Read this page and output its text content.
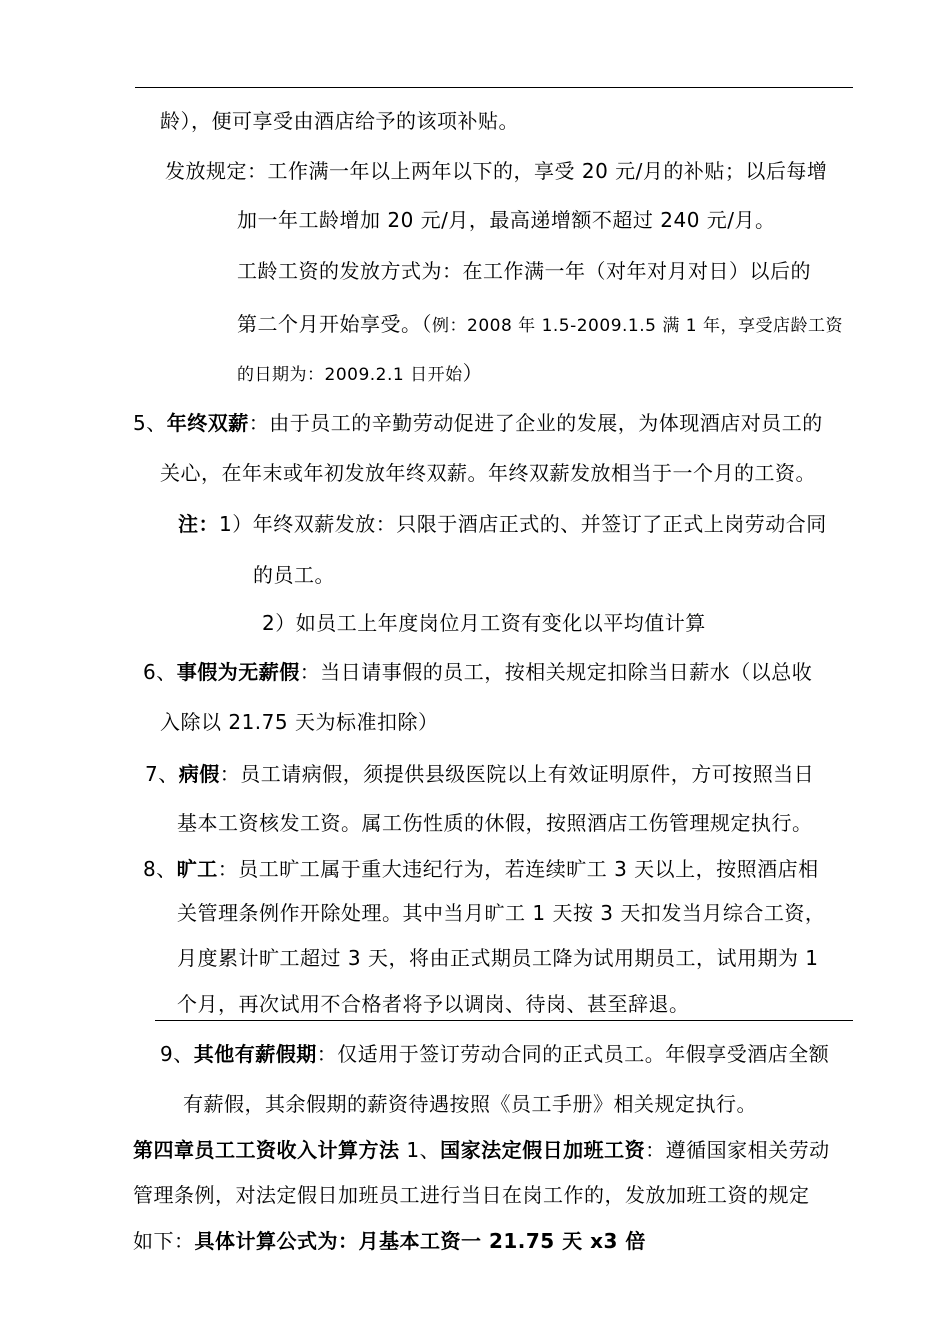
龄），便可享受由酒店给予的该项补贴。
发放规定：工作满一年以上两年以下的，享受 20 元/月的补贴；以后每增
加一年工龄增加 20 元/月，最高递增额不超过 240 元/月。
工龄工资的发放方式为：在工作满一年（对年对月对日）以后的
第二个月开始享受。（例：2008 年 1.5-2009.1.5 满 1 年，享受店龄工资
的日期为：2009.2.1 日开始）
5、年终双薪：由于员工的辛勤劳动促进了企业的发展，为体现酒店对员工的
关心，在年末或年初发放年终双薪。年终双薪发放相当于一个月的工资。
注：1）年终双薪发放：只限于酒店正式的、并签订了正式上岗劳动合同
的员工。
2）如员工上年度岗位月工资有变化以平均值计算
6、事假为无薪假：当日请事假的员工，按相关规定扣除当日薪水（以总收
入除以 21.75 天为标准扣除）
7、病假：员工请病假，须提供县级医院以上有效证明原件，方可按照当日
基本工资核发工资。属工伤性质的休假，按照酒店工伤管理规定执行。
8、旷工：员工旷工属于重大违纪行为，若连续旷工 3 天以上，按照酒店相
关管理条例作开除处理。其中当月旷工 1 天按 3 天扣发当月综合工资，
月度累计旷工超过 3 天，将由正式期员工降为试用期员工，试用期为 1
个月，再次试用不合格者将予以调岗、待岗、甚至辞退。
9、其他有薪假期：仅适用于签订劳动合同的正式员工。年假享受酒店全额
有薪假，其余假期的薪资待遇按照《员工手册》相关规定执行。
第四章员工工资收入计算方法 1、国家法定假日加班工资：遵循国家相关劳动
管理条例，对法定假日加班员工进行当日在岗工作的，发放加班工资的规定
如下：具体计算公式为：月基本工资一 21.75 天 x3 倍
